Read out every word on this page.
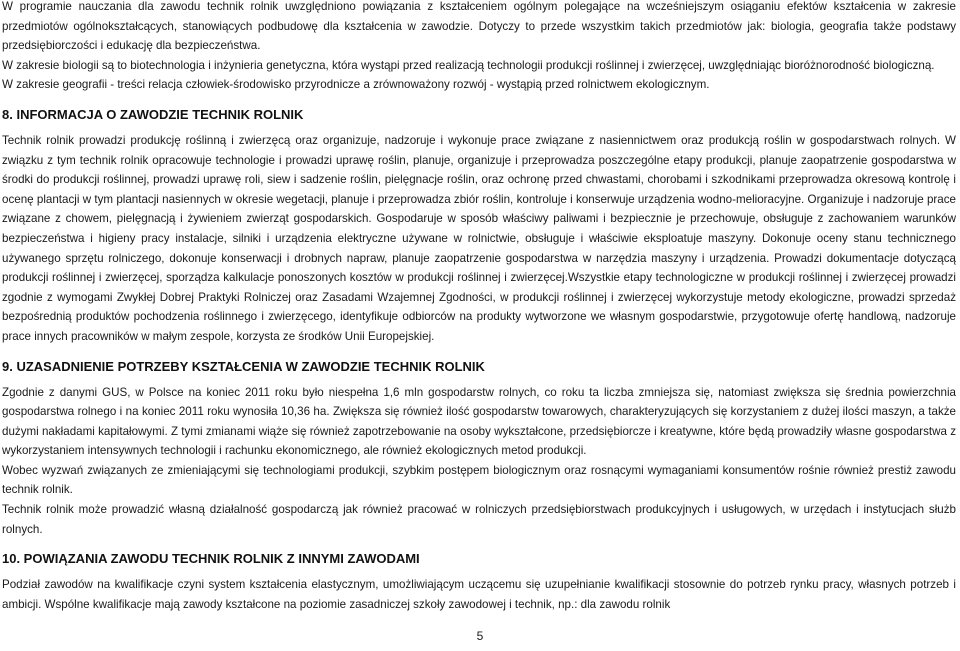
W programie nauczania dla zawodu technik rolnik uwzględniono powiązania z kształceniem ogólnym polegające na wcześniejszym osiąganiu efektów kształcenia w zakresie przedmiotów ogólnokształcących, stanowiących podbudowę dla kształcenia w zawodzie. Dotyczy to przede wszystkim takich przedmiotów jak: biologia, geografia także podstawy przedsiębiorczości i edukację dla bezpieczeństwa.

W zakresie biologii są to biotechnologia i inżynieria genetyczna, która wystąpi przed realizacją technologii produkcji roślinnej i zwierzęcej, uwzględniając bioróżnorodność biologiczną.

W zakresie geografii - treści relacja człowiek-środowisko przyrodnicze a zrównoważony rozwój - wystąpią przed rolnictwem ekologicznym.

8. INFORMACJA O ZAWODZIE TECHNIK ROLNIK

Technik rolnik prowadzi produkcję roślinną i zwierzęcą oraz organizuje, nadzoruje i wykonuje prace związane z nasiennictwem oraz produkcją roślin w gospodarstwach rolnych. W związku z tym technik rolnik opracowuje technologie i prowadzi uprawę roślin, planuje, organizuje i przeprowadza poszczególne etapy produkcji, planuje zaopatrzenie gospodarstwa w środki do produkcji roślinnej, prowadzi uprawę roli, siew i sadzenie roślin, pielęgnacje roślin, oraz ochronę przed chwastami, chorobami i szkodnikami przeprowadza okresową kontrolę i ocenę plantacji w tym plantacji nasiennych w okresie wegetacji, planuje i przeprowadza zbiór roślin, kontroluje i konserwuje urządzenia wodno-melioracyjne. Organizuje i nadzoruje prace związane z chowem, pielęgnacją i żywieniem zwierząt gospodarskich. Gospodaruje w sposób właściwy paliwami i bezpiecznie je przechowuje, obsługuje z zachowaniem warunków bezpieczeństwa i higieny pracy instalacje, silniki i urządzenia elektryczne używane w rolnictwie, obsługuje i właściwie eksploatuje maszyny. Dokonuje oceny stanu technicznego używanego sprzętu rolniczego, dokonuje konserwacji i drobnych napraw, planuje zaopatrzenie gospodarstwa w narzędzia maszyny i urządzenia. Prowadzi dokumentacje dotyczącą produkcji roślinnej i zwierzęcej, sporządza kalkulacje ponoszonych kosztów w produkcji roślinnej i zwierzęcej.Wszystkie etapy technologiczne w produkcji roślinnej i zwierzęcej prowadzi zgodnie z wymogami Zwykłej Dobrej Praktyki Rolniczej oraz Zasadami Wzajemnej Zgodności, w produkcji roślinnej i zwierzęcej wykorzystuje metody ekologiczne, prowadzi sprzedaż bezpośrednią produktów pochodzenia roślinnego i zwierzęcego, identyfikuje odbiorców na produkty wytworzone we własnym gospodarstwie, przygotowuje ofertę handlową, nadzoruje prace innych pracowników w małym zespole, korzysta ze środków Unii Europejskiej.

9. UZASADNIENIE POTRZEBY KSZTAŁCENIA W ZAWODZIE TECHNIK ROLNIK

Zgodnie z danymi GUS, w Polsce na koniec 2011 roku było niespełna 1,6 mln gospodarstw rolnych, co roku ta liczba zmniejsza się, natomiast zwiększa się średnia powierzchnia gospodarstwa rolnego i na koniec 2011 roku wynosiła 10,36 ha. Zwiększa się również ilość gospodarstw towarowych, charakteryzujących się korzystaniem z dużej ilości maszyn, a także dużymi nakładami kapitałowymi. Z tymi zmianami wiąże się również zapotrzebowanie na osoby wykształcone, przedsiębiorcze i kreatywne, które będą prowadziły własne gospodarstwa z wykorzystaniem intensywnych technologii i rachunku ekonomicznego, ale również ekologicznych metod produkcji.

Wobec wyzwań związanych ze zmieniającymi się technologiami produkcji, szybkim postępem biologicznym oraz rosnącymi wymaganiami konsumentów rośnie również prestiż zawodu technik rolnik.

Technik rolnik może prowadzić własną działalność gospodarczą jak również pracować w rolniczych przedsiębiorstwach produkcyjnych i usługowych, w urzędach i instytucjach służb rolnych.

10. POWIĄZANIA ZAWODU TECHNIK ROLNIK Z INNYMI ZAWODAMI

Podział zawodów na kwalifikacje czyni system kształcenia elastycznym, umożliwiającym uczącemu się uzupełnianie kwalifikacji stosownie do potrzeb rynku pracy, własnych potrzeb i ambicji. Wspólne kwalifikacje mają zawody kształcone na poziomie zasadniczej szkoły zawodowej i technik, np.: dla zawodu rolnik

5
